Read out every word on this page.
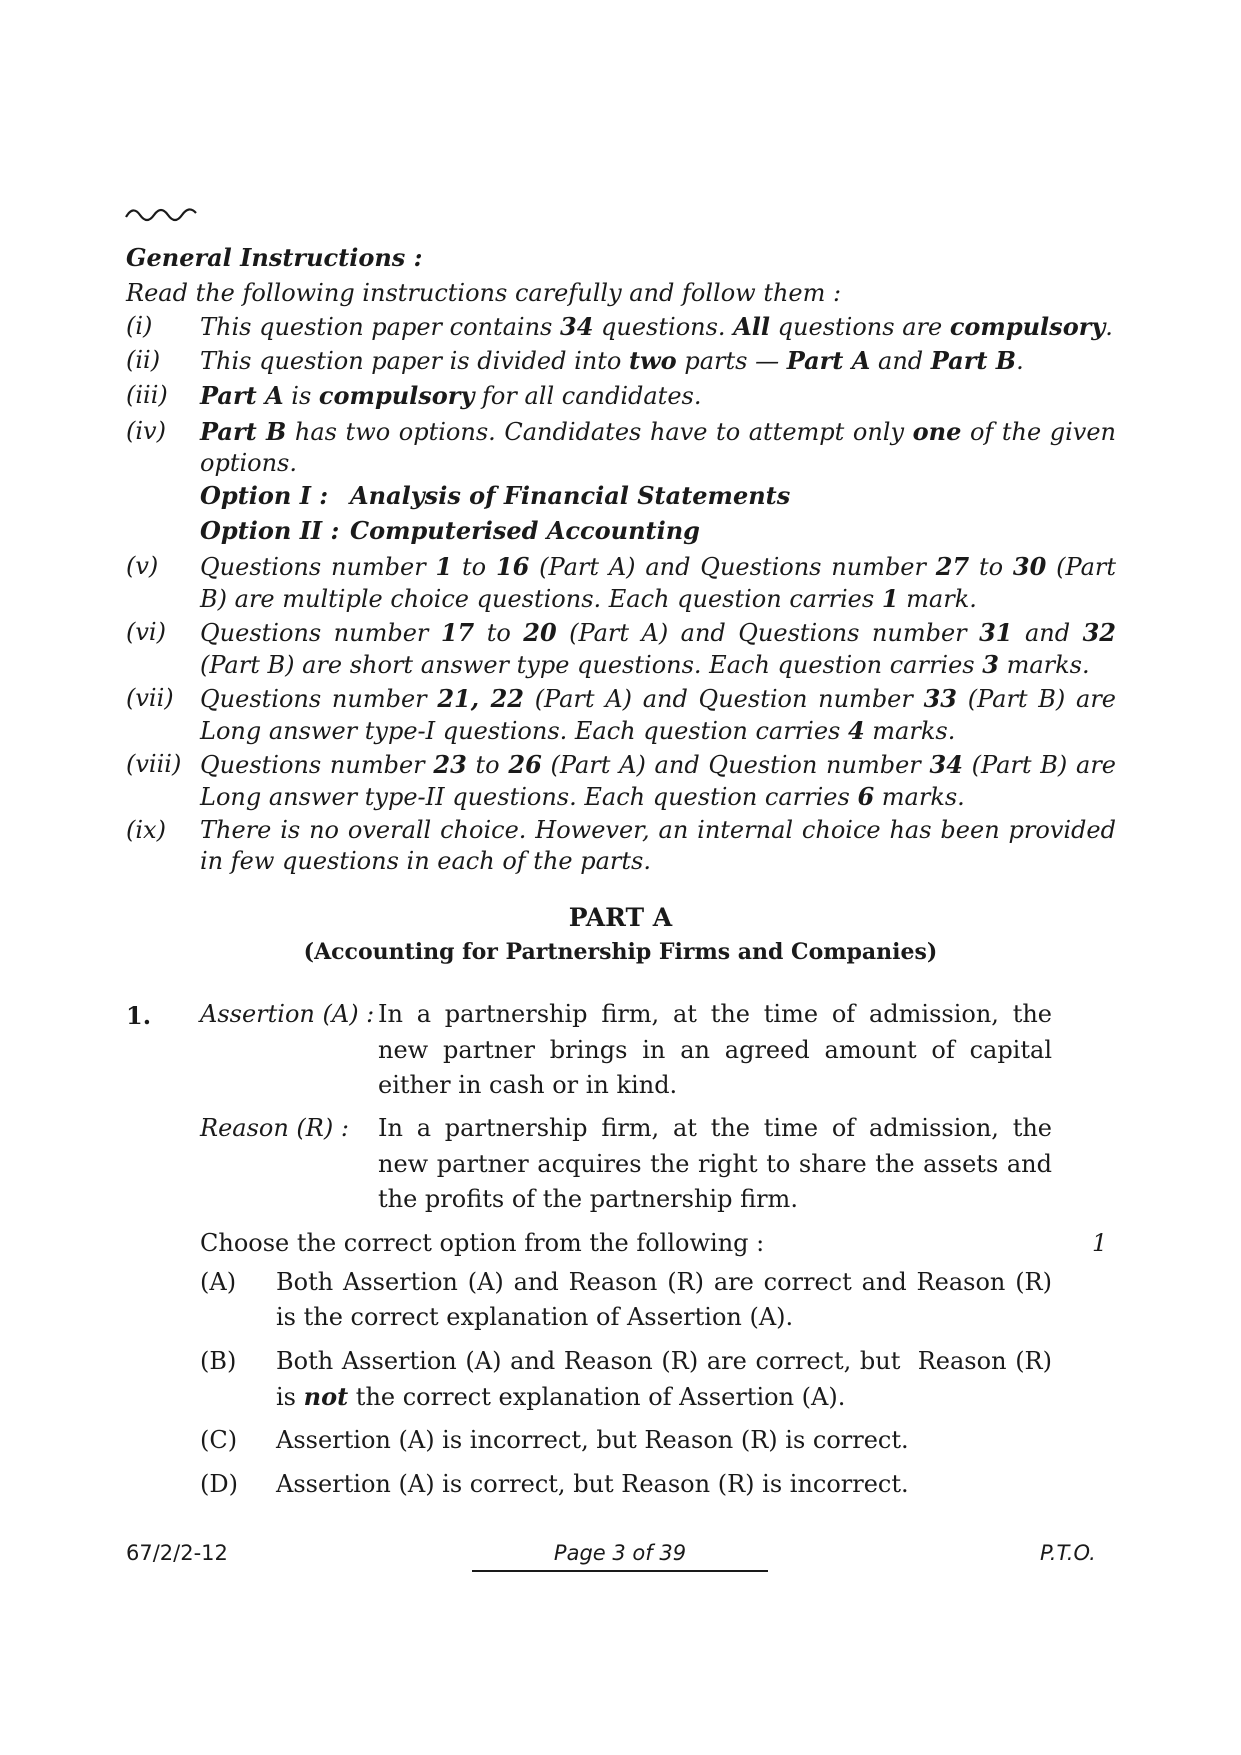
General Instructions :
Read the following instructions carefully and follow them :
(i)	This question paper contains 34 questions. All questions are compulsory.
(ii)	This question paper is divided into two parts — Part A and Part B.
(iii)	Part A is compulsory for all candidates.
(iv)	Part B has two options. Candidates have to attempt only one of the given options.
Option I : Analysis of Financial Statements
Option II : Computerised Accounting
(v)	Questions number 1 to 16 (Part A) and Questions number 27 to 30 (Part B) are multiple choice questions. Each question carries 1 mark.
(vi)	Questions number 17 to 20 (Part A) and Questions number 31 and 32 (Part B) are short answer type questions. Each question carries 3 marks.
(vii)	Questions number 21, 22 (Part A) and Question number 33 (Part B) are Long answer type-I questions. Each question carries 4 marks.
(viii) Questions number 23 to 26 (Part A) and Question number 34 (Part B) are Long answer type-II questions. Each question carries 6 marks.
(ix)	There is no overall choice. However, an internal choice has been provided in few questions in each of the parts.
PART A
(Accounting for Partnership Firms and Companies)
1. Assertion (A) : In a partnership firm, at the time of admission, the new partner brings in an agreed amount of capital either in cash or in kind.
Reason (R) : In a partnership firm, at the time of admission, the new partner acquires the right to share the assets and the profits of the partnership firm.
Choose the correct option from the following :	1
(A)	Both Assertion (A) and Reason (R) are correct and Reason (R) is the correct explanation of Assertion (A).
(B)	Both Assertion (A) and Reason (R) are correct, but  Reason (R) is not the correct explanation of Assertion (A).
(C)	Assertion (A) is incorrect, but Reason (R) is correct.
(D)	Assertion (A) is correct, but Reason (R) is incorrect.
67/2/2-12	Page 3 of 39	P.T.O.
